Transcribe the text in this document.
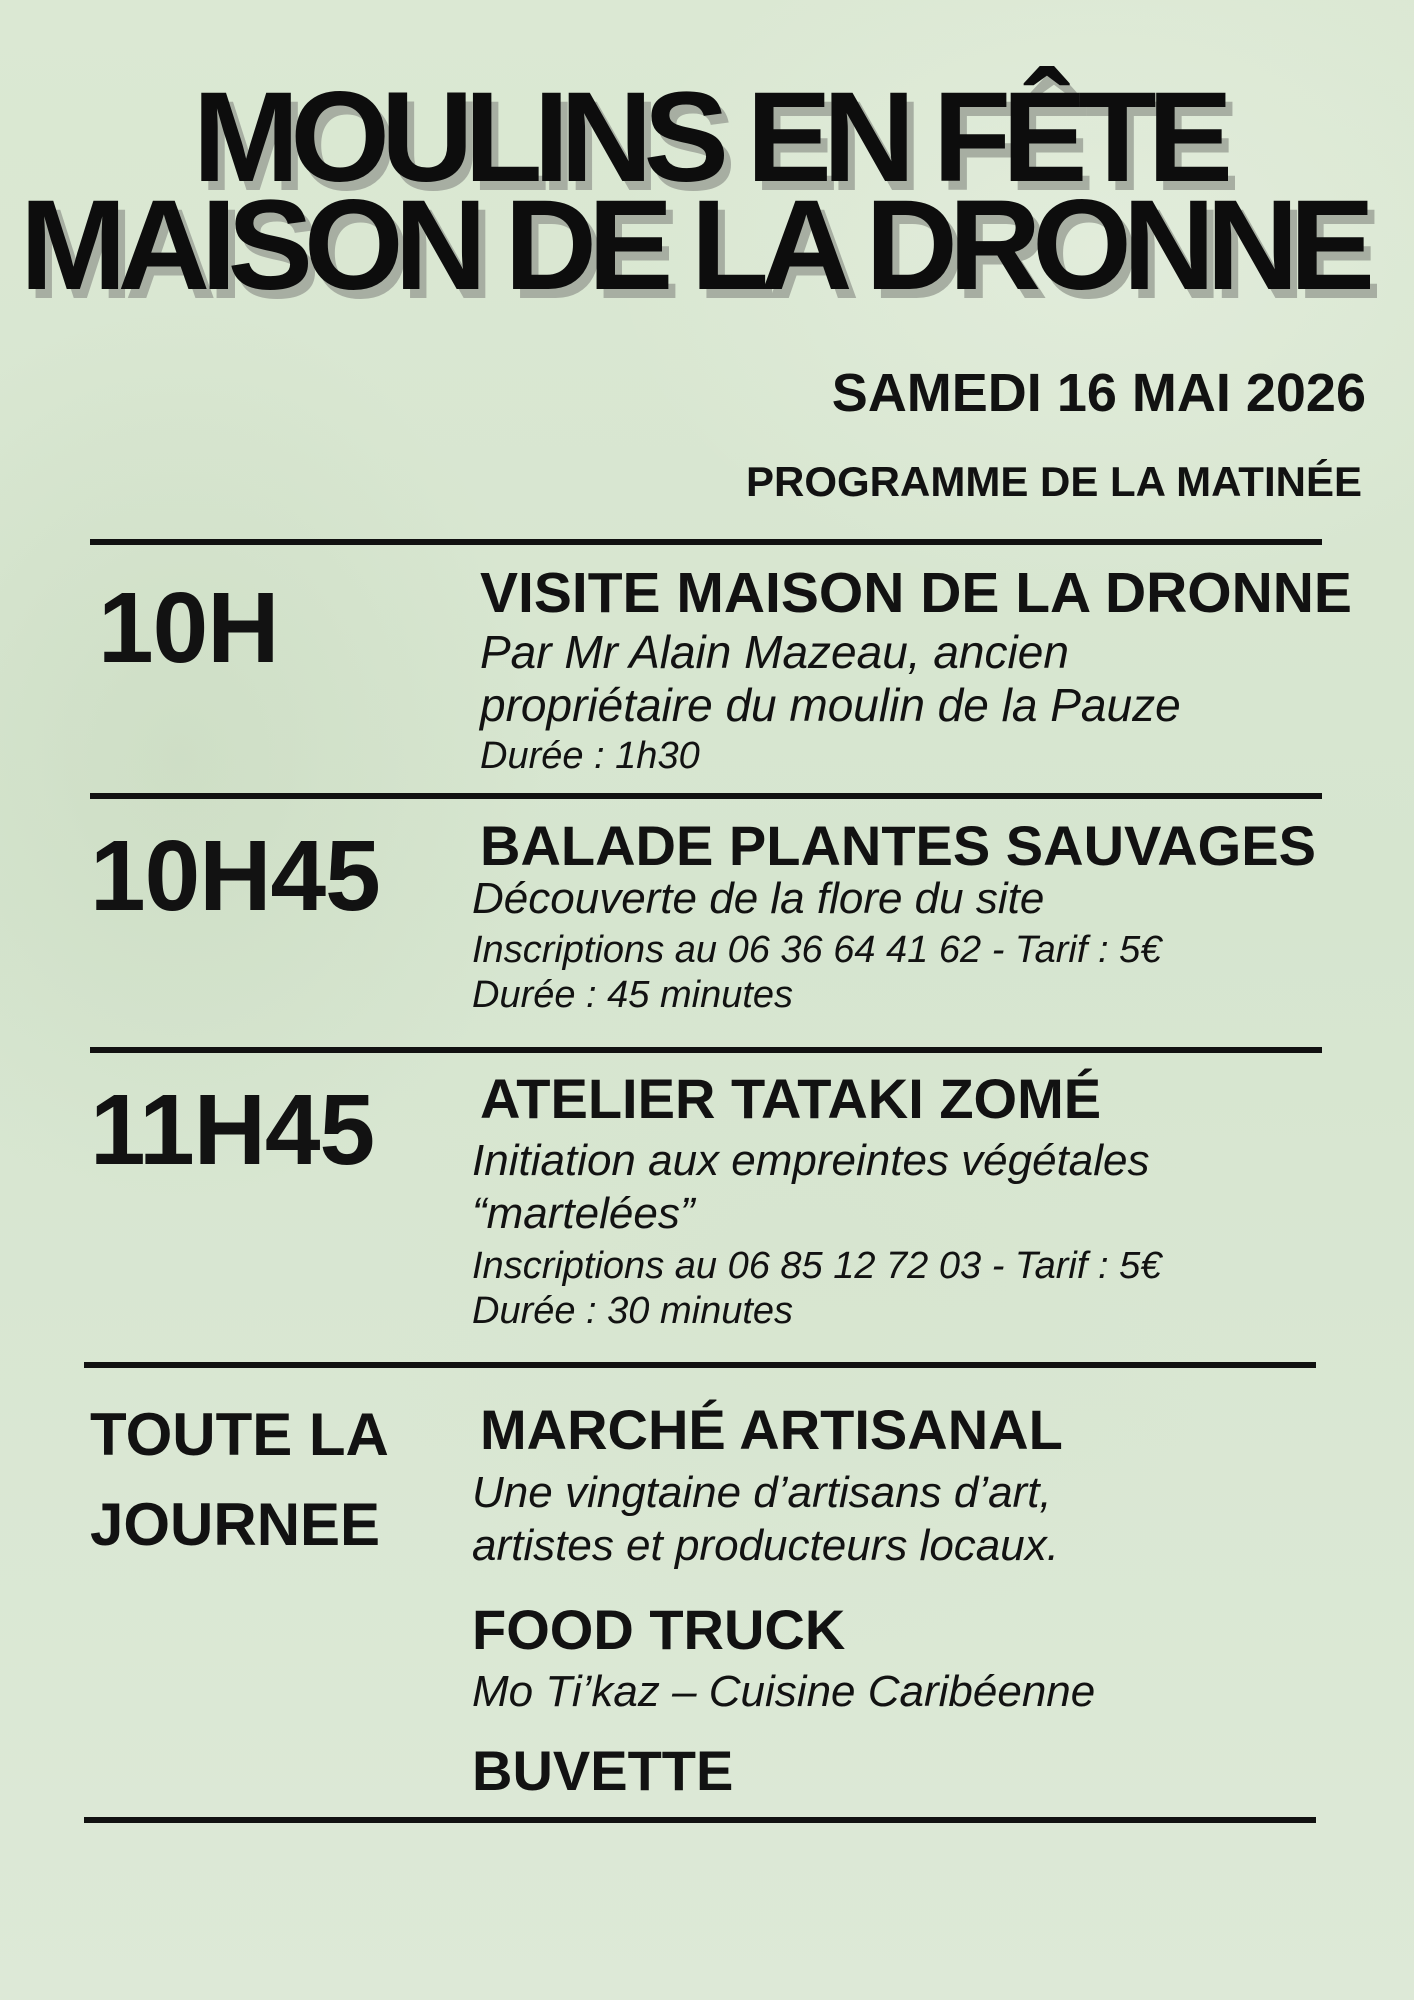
MOULINS EN FÊTE
MAISON DE LA DRONNE
SAMEDI 16 MAI 2026
PROGRAMME DE LA MATINÉE
10H	VISITE MAISON DE LA DRONNE
Par Mr Alain Mazeau, ancien
propriétaire du moulin de la Pauze
Durée : 1h30
10H45 BALADE PLANTES SAUVAGES
Découverte de la flore du site
Inscriptions au 06 36 64 41 62 - Tarif : 5€
Durée : 45 minutes
11H45 ATELIER TATAKI ZOMÉ
Initiation aux empreintes végétales
“martelées”
Inscriptions au 06 85 12 72 03 - Tarif : 5€
Durée : 30 minutes
TOUTE LA
JOURNEE
MARCHÉ ARTISANAL
Une vingtaine d’artisans d’art,
artistes et producteurs locaux.
FOOD TRUCK
Mo Ti’kaz – Cuisine Caribéenne
BUVETTE
